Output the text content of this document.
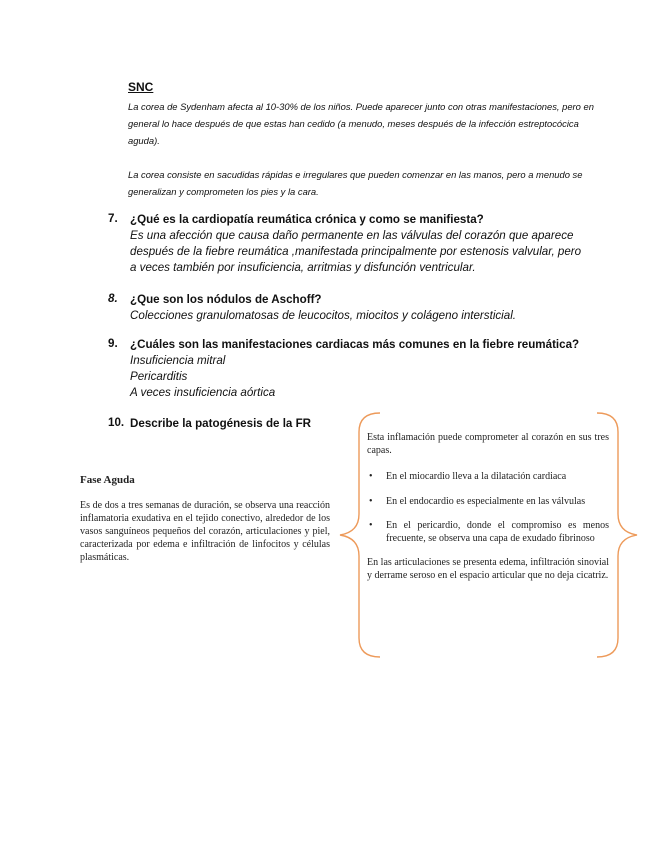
SNC

La corea de Sydenham afecta al 10-30% de los niños. Puede aparecer junto con otras manifestaciones, pero en general lo hace después de que estas han cedido (a menudo, meses después de la infección estreptocócica aguda).

La corea consiste en sacudidas rápidas e irregulares que pueden comenzar en las manos, pero a menudo se generalizan y comprometen los pies y la cara.

7. ¿Qué es la cardiopatía reumática crónica y como se manifiesta?
Es una afección que causa daño permanente en las válvulas del corazón que aparece después de la fiebre reumática ,manifestada principalmente por estenosis valvular, pero a veces también por insuficiencia, arritmias y disfunción ventricular.
8. ¿Que son los nódulos de Aschoff?
Colecciones granulomatosas de leucocitos, miocitos y colágeno intersticial.
9. ¿Cuáles son las manifestaciones cardiacas más comunes en la fiebre reumática?
Insuficiencia mitral
Pericarditis
A veces insuficiencia aórtica
10. Describe la patogénesis de la FR
Fase Aguda

Es de dos a tres semanas de duración, se observa una reacción inflamatoria exudativa en el tejido conectivo, alrededor de los vasos sanguíneos pequeños del corazón, articulaciones y piel, caracterizada por edema e infiltración de linfocitos y células plasmáticas.

Esta inflamación puede comprometer al corazón en sus tres capas.

• En el miocardio lleva a la dilatación cardiaca
• En el endocardio es especialmente en las válvulas
• En el pericardio, donde el compromiso es menos frecuente, se observa una capa de exudado fibrinoso

En las articulaciones se presenta edema, infiltración sinovial y derrame seroso en el espacio articular que no deja cicatriz.
